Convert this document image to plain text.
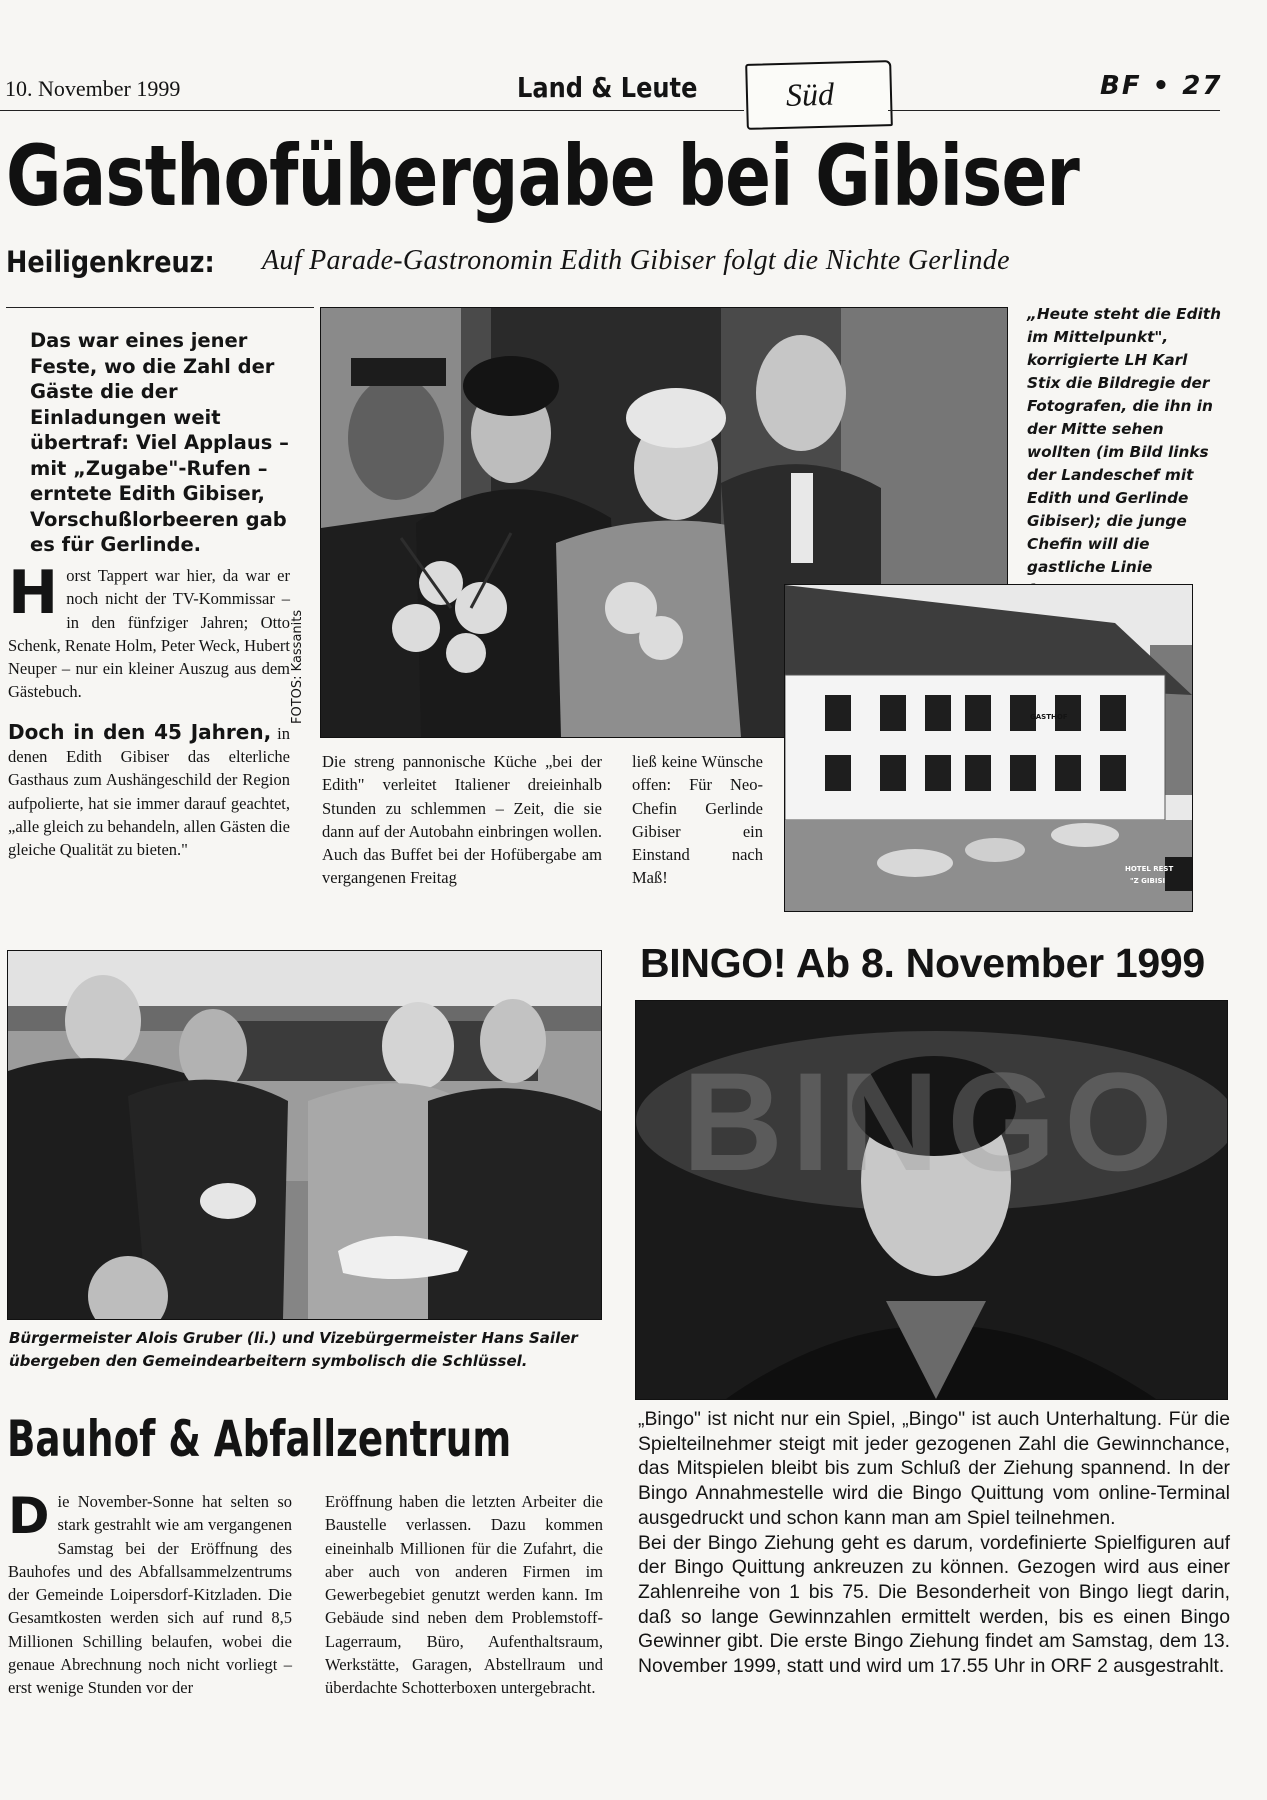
10. November 1999	Land & Leute	Süd	BF • 27
Gasthofübergabe bei Gibiser
Heiligenkreuz: Auf Parade-Gastronomin Edith Gibiser folgt die Nichte Gerlinde
Das war eines jener Feste, wo die Zahl der Gäste die der Einladungen weit übertraf: Viel Applaus – mit „Zugabe"-Rufen – erntete Edith Gibiser, Vorschußlorbeeren gab es für Gerlinde.
H orst Tappert war hier, da war er noch nicht der TV-Kommissar – in den fünfziger Jahren; Otto Schenk, Renate Holm, Peter Weck, Hubert Neuper – nur ein kleiner Auszug aus dem Gästebuch.
Doch in den 45 Jahren, in denen Edith Gibiser das elterliche Gasthaus zum Aushängeschild der Region aufpolierte, hat sie immer darauf geachtet, „alle gleich zu behandeln, allen Gästen die gleiche Qualität zu bieten."
FOTOS: Kassanits
„Heute steht die Edith im Mittelpunkt", korrigierte LH Karl Stix die Bildregie der Fotografen, die ihn in der Mitte sehen wollten (im Bild links der Landeschef mit Edith und Gerlinde Gibiser); die junge Chefin will die gastliche Linie
GASTHOF
HOTEL REST
"Z GIBISI
Die streng pannonische Küche „bei der Edith" verleitet Italiener dreieinhalb Stunden zu schlemmen – Zeit, die sie dann auf der Autobahn einbringen wollen. Auch das Buffet bei der Hofübergabe am vergangenen Freitag
ließ keine Wünsche offen: Für Neo-Chefin Gerlinde Gibiser ein Einstand nach Maß!
Bürgermeister Alois Gruber (li.) und Vizebürgermeister Hans Sailer übergeben den Gemeindearbeitern symbolisch die Schlüssel.
Bauhof & Abfallzentrum
D ie November-Sonne hat selten so stark gestrahlt wie am vergangenen Samstag bei der Eröffnung des Bauhofes und des Abfallsammelzentrums der Gemeinde Loipersdorf-Kitzladen. Die Gesamtkosten werden sich auf rund 8,5 Millionen Schilling belaufen, wobei die genaue Abrechnung noch nicht vorliegt – erst wenige Stunden vor der
Eröffnung haben die letzten Arbeiter die Baustelle verlassen. Dazu kommen eineinhalb Millionen für die Zufahrt, die aber auch von anderen Firmen im Gewerbegebiet genutzt werden kann. Im Gebäude sind neben dem Problemstoff-Lagerraum, Büro, Aufenthaltsraum, Werkstätte, Garagen, Abstellraum und überdachte Schotterboxen untergebracht.
BINGO! Ab 8. November 1999
BINGO
„Bingo" ist nicht nur ein Spiel, „Bingo" ist auch Unterhaltung. Für die Spielteilnehmer steigt mit jeder gezogenen Zahl die Gewinnchance, das Mitspielen bleibt bis zum Schluß der Ziehung spannend. In der Bingo Annahmestelle wird die Bingo Quittung vom online-Terminal ausgedruckt und schon kann man am Spiel teilnehmen.
Bei der Bingo Ziehung geht es darum, vordefinierte Spielfiguren auf der Bingo Quittung ankreuzen zu können. Gezogen wird aus einer Zahlenreihe von 1 bis 75. Die Besonderheit von Bingo liegt darin, daß so lange Gewinnzahlen ermittelt werden, bis es einen Bingo Gewinner gibt. Die erste Bingo Ziehung findet am Samstag, dem 13. November 1999, statt und wird um 17.55 Uhr in ORF 2 ausgestrahlt.
